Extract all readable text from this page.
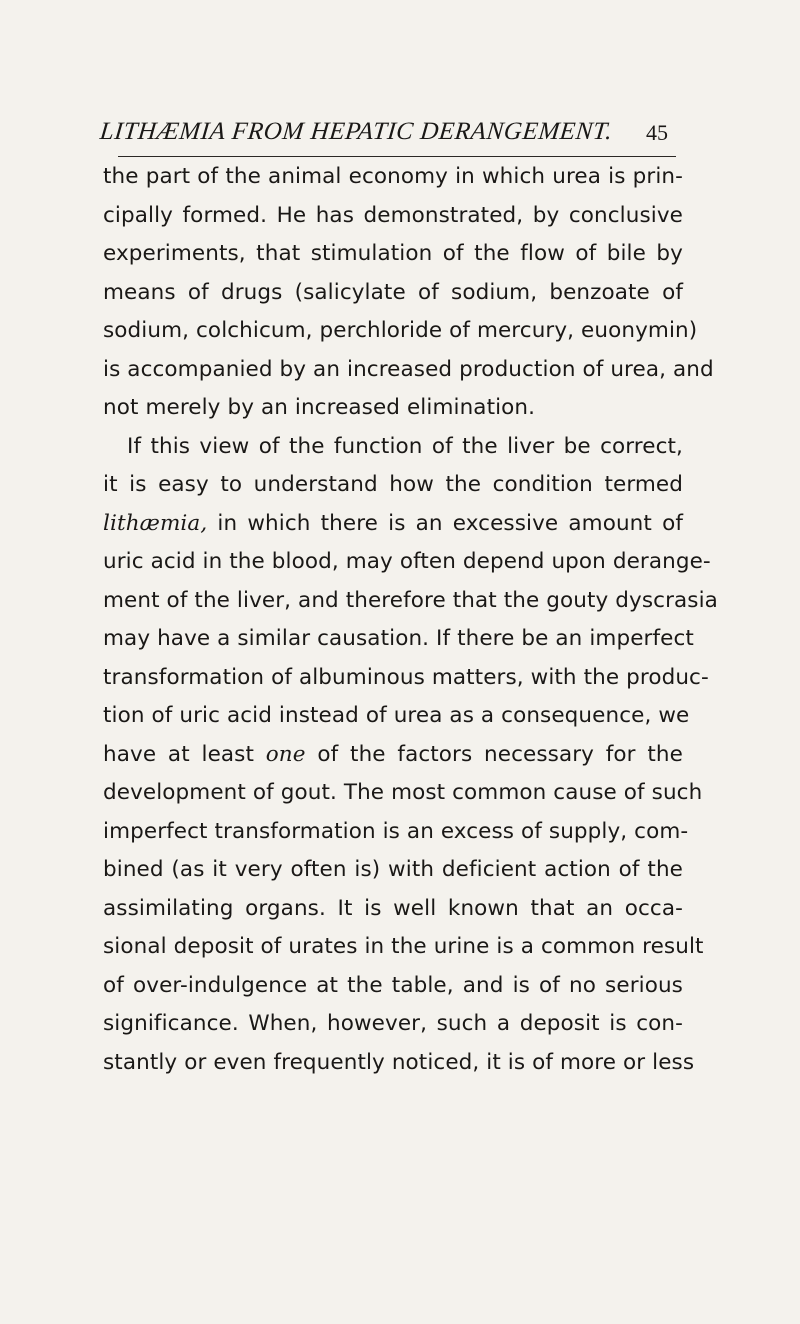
LITHÆMIA FROM HEPATIC DERANGEMENT. 45
the part of the animal economy in which urea is prin-
cipally formed. He has demonstrated, by conclusive
experiments, that stimulation of the flow of bile by
means of drugs (salicylate of sodium, benzoate of
sodium, colchicum, perchloride of mercury, euonymin)
is accompanied by an increased production of urea, and
not merely by an increased elimination.
If this view of the function of the liver be correct,
it is easy to understand how the condition termed
lithæmia, in which there is an excessive amount of
uric acid in the blood, may often depend upon derange-
ment of the liver, and therefore that the gouty dyscrasia
may have a similar causation. If there be an imperfect
transformation of albuminous matters, with the produc-
tion of uric acid instead of urea as a consequence, we
have at least one of the factors necessary for the
development of gout. The most common cause of such
imperfect transformation is an excess of supply, com-
bined (as it very often is) with deficient action of the
assimilating organs. It is well known that an occa-
sional deposit of urates in the urine is a common result
of over-indulgence at the table, and is of no serious
significance. When, however, such a deposit is con-
stantly or even frequently noticed, it is of more or less
